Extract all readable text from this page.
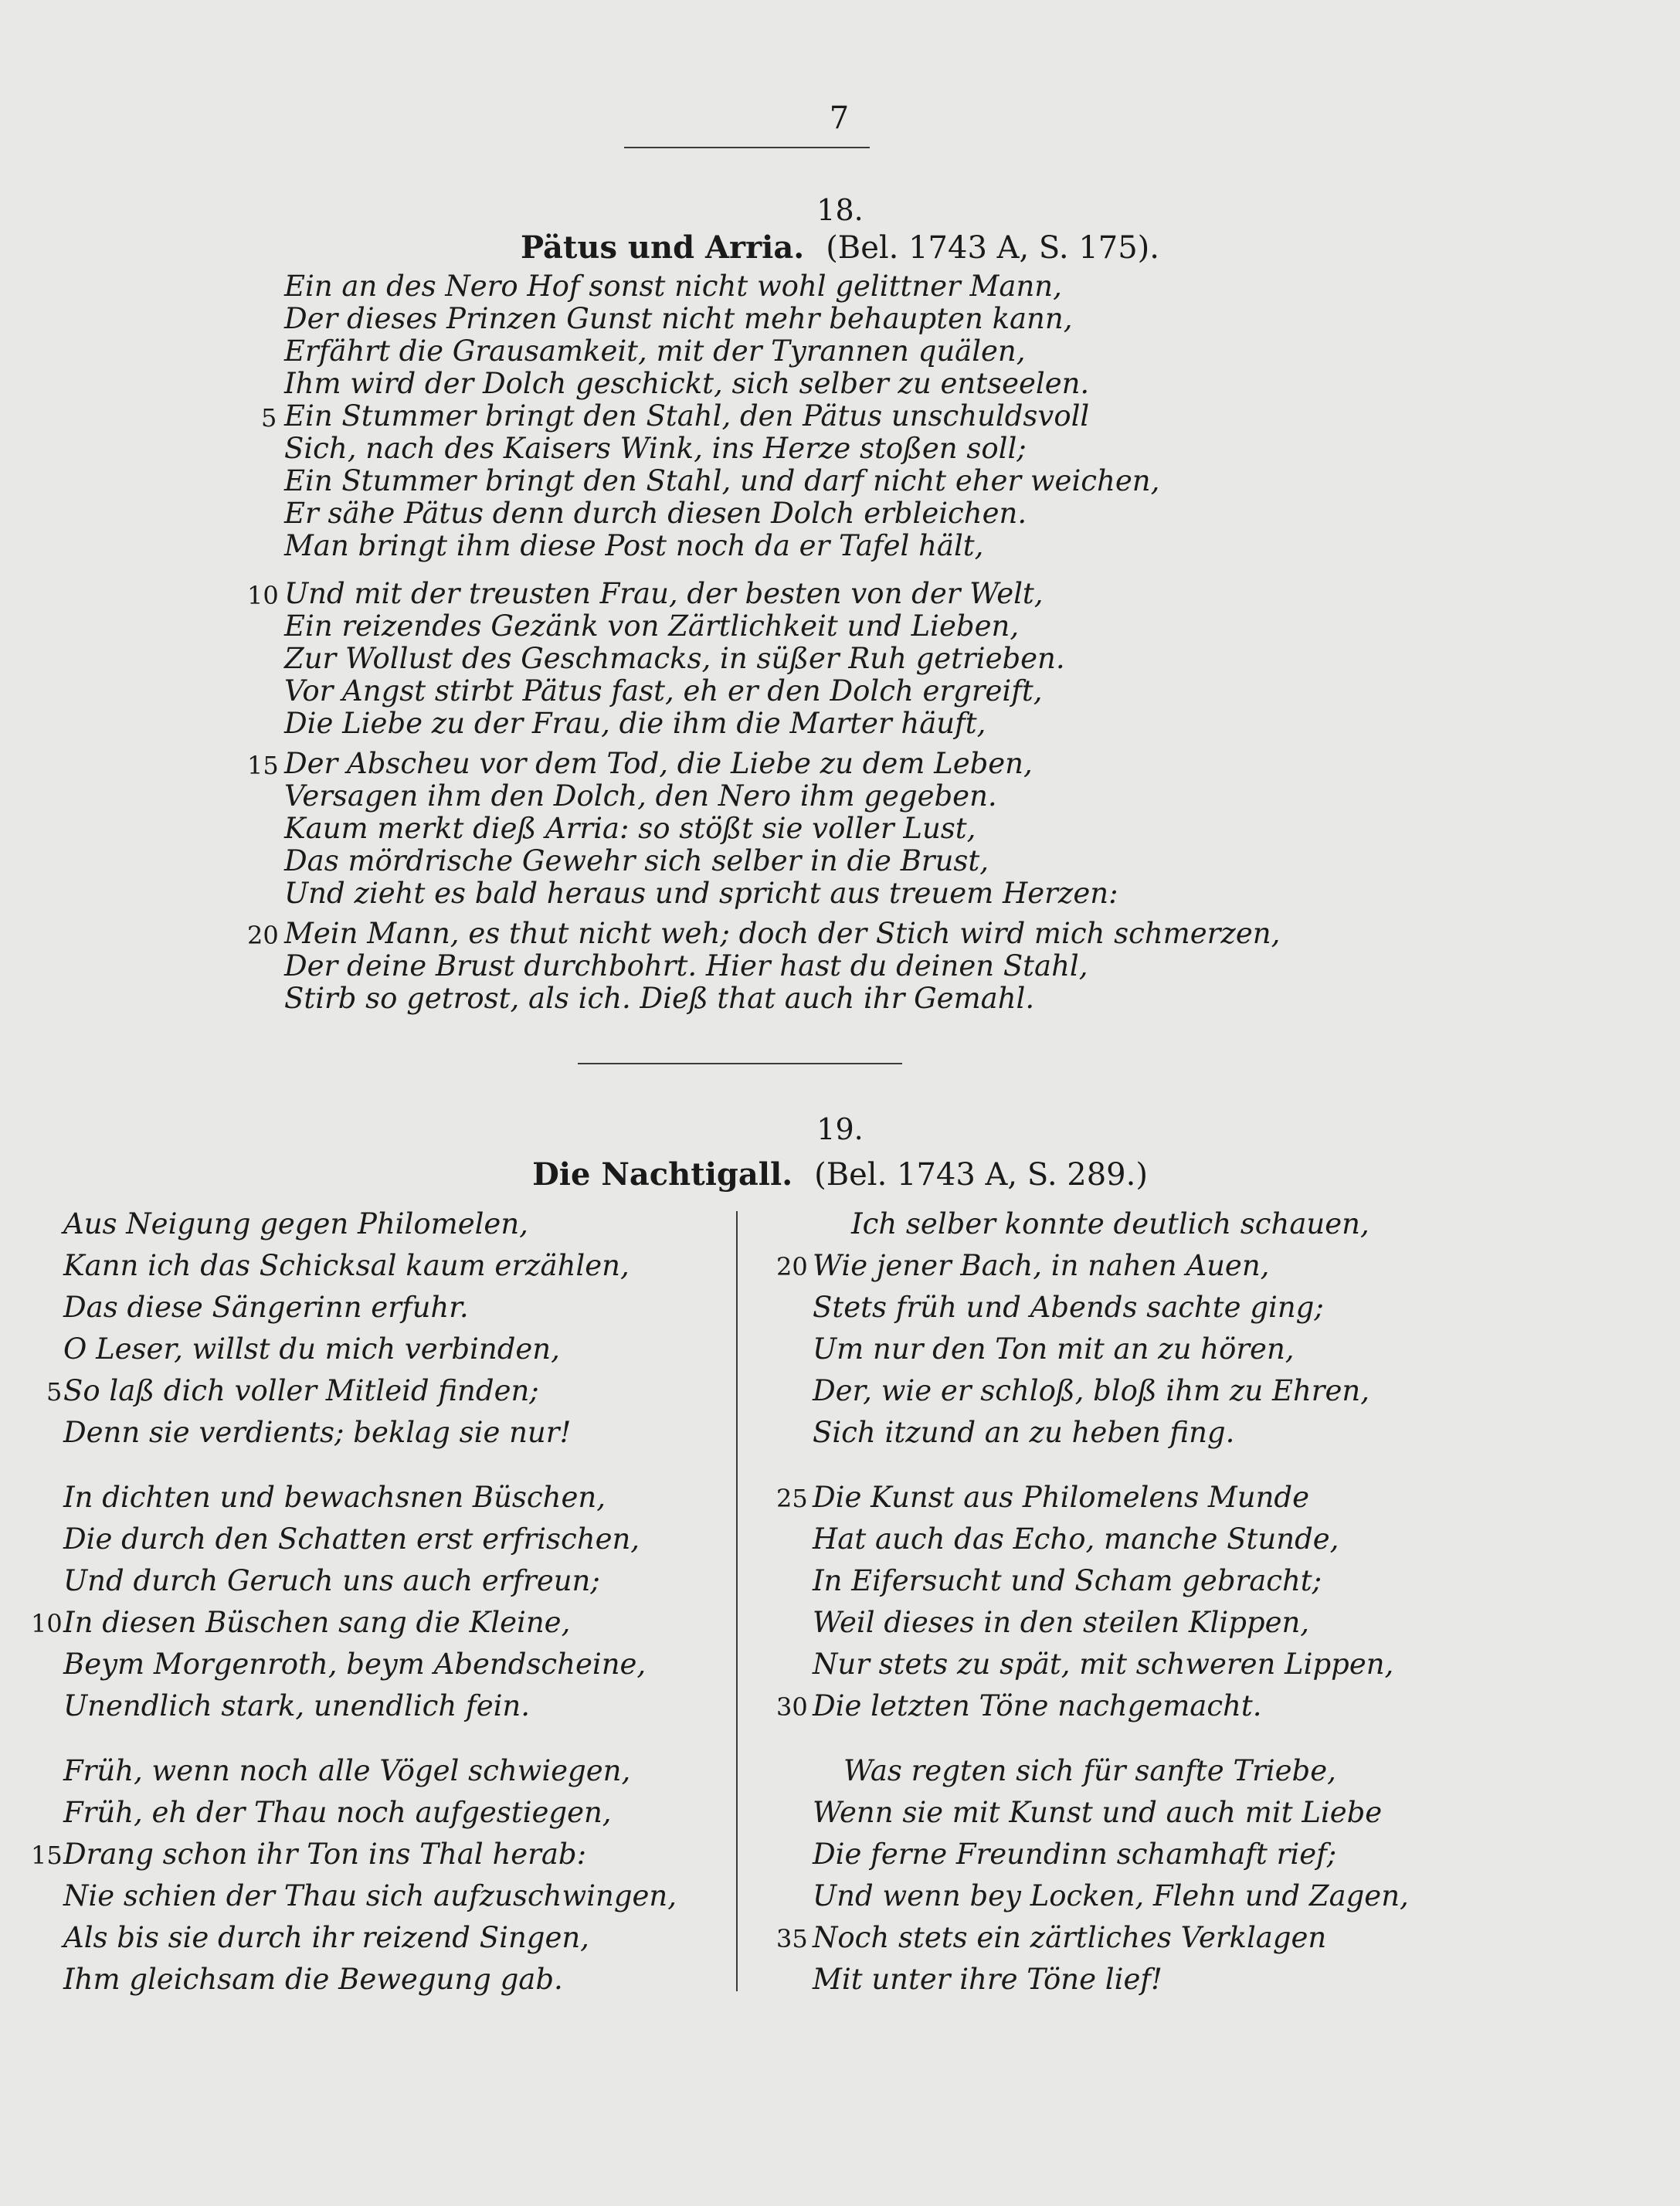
7
18.
Pätus und Arria. (Bel. 1743 A, S. 175).
Ein an des Nero Hof sonst nicht wohl gelittner Mann,
Der dieses Prinzen Gunst nicht mehr behaupten kann,
Erfährt die Grausamkeit, mit der Tyrannen quälen,
Ihm wird der Dolch geschickt, sich selber zu entseelen.
5 Ein Stummer bringt den Stahl, den Pätus unschuldsvoll
Sich, nach des Kaisers Wink, ins Herze stoßen soll;
Ein Stummer bringt den Stahl, und darf nicht eher weichen,
Er sähe Pätus denn durch diesen Dolch erbleichen.
Man bringt ihm diese Post noch da er Tafel hält,
10 Und mit der treusten Frau, der besten von der Welt,
Ein reizendes Gezänk von Zärtlichkeit und Lieben,
Zur Wollust des Geschmacks, in süßer Ruh getrieben.
Vor Angst stirbt Pätus fast, eh er den Dolch ergreift,
Die Liebe zu der Frau, die ihm die Marter häuft,
15 Der Abscheu vor dem Tod, die Liebe zu dem Leben,
Versagen ihm den Dolch, den Nero ihm gegeben.
Kaum merkt dieß Arria: so stößt sie voller Lust,
Das mördrische Gewehr sich selber in die Brust,
Und zieht es bald heraus und spricht aus treuem Herzen:
20 Mein Mann, es thut nicht weh; doch der Stich wird mich schmerzen,
Der deine Brust durchbohrt. Hier hast du deinen Stahl,
Stirb so getrost, als ich. Dieß that auch ihr Gemahl.
19.
Die Nachtigall. (Bel. 1743 A, S. 289.)
Aus Neigung gegen Philomelen,
Kann ich das Schicksal kaum erzählen,
Das diese Sängerinn erfuhr.
O Leser, willst du mich verbinden,
5 So laß dich voller Mitleid finden;
Denn sie verdients; beklag sie nur!
In dichten und bewachsnen Büschen,
Die durch den Schatten erst erfrischen,
Und durch Geruch uns auch erfreun;
10 In diesen Büschen sang die Kleine,
Beym Morgenroth, beym Abendscheine,
Unendlich stark, unendlich fein.
Früh, wenn noch alle Vögel schwiegen,
Früh, eh der Thau noch aufgestiegen,
15 Drang schon ihr Ton ins Thal herab:
Nie schien der Thau sich aufzuschwingen,
Als bis sie durch ihr reizend Singen,
Ihm gleichsam die Bewegung gab.
Ich selber konnte deutlich schauen,
20 Wie jener Bach, in nahen Auen,
Stets früh und Abends sachte ging;
Um nur den Ton mit an zu hören,
Der, wie er schloß, bloß ihm zu Ehren,
Sich itzund an zu heben fing.
25 Die Kunst aus Philomelens Munde
Hat auch das Echo, manche Stunde,
In Eifersucht und Scham gebracht;
Weil dieses in den steilen Klippen,
Nur stets zu spät, mit schweren Lippen,
30 Die letzten Töne nachgemacht.
Was regten sich für sanfte Triebe,
Wenn sie mit Kunst und auch mit Liebe
Die ferne Freundinn schamhaft rief;
Und wenn bey Locken, Flehn und Zagen,
35 Noch stets ein zärtliches Verklagen
Mit unter ihre Töne lief!
